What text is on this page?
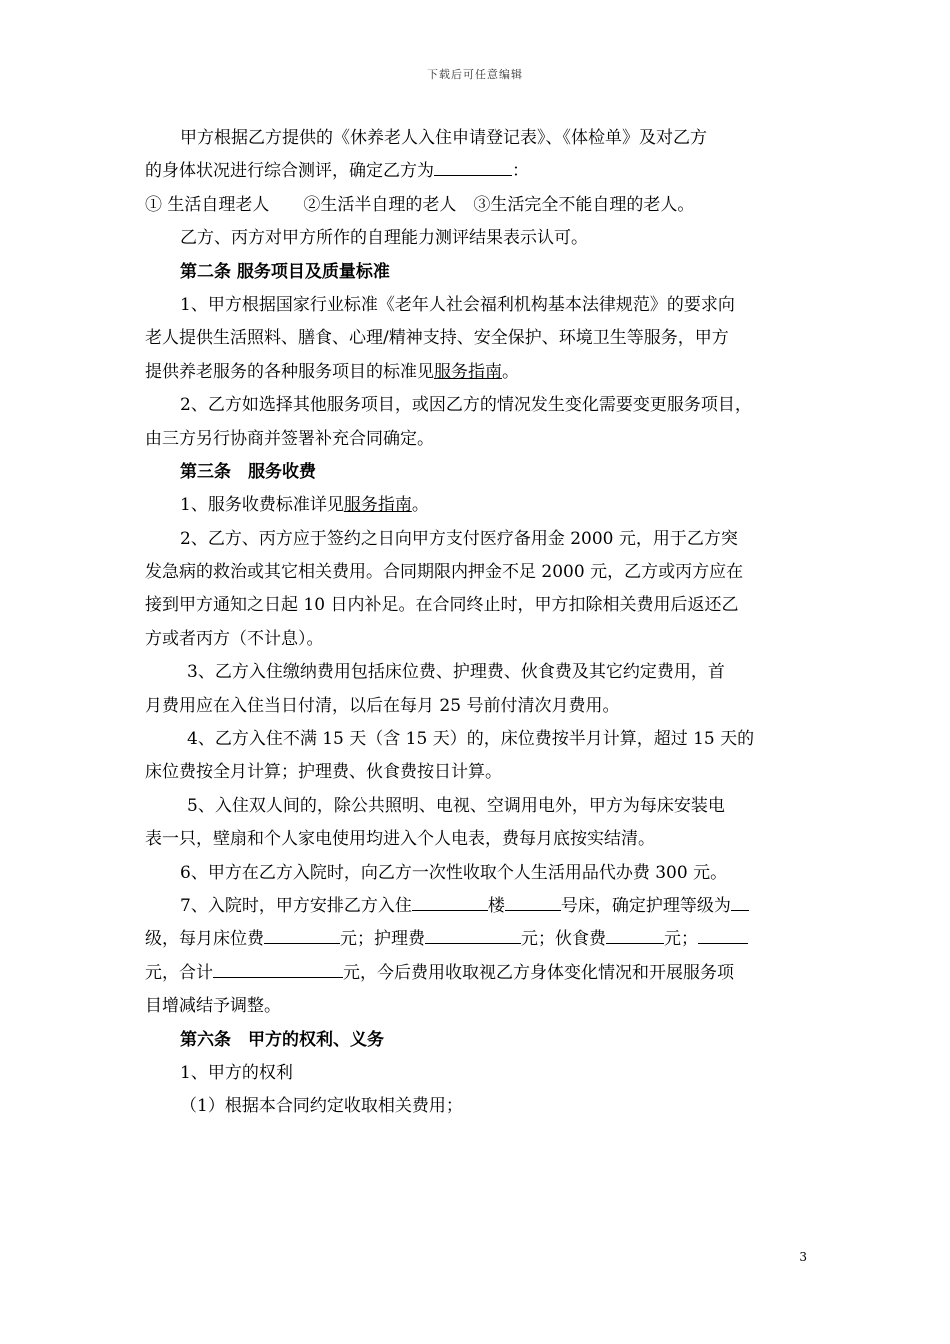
下载后可任意编辑
甲方根据乙方提供的《休养老人入住申请登记表》、《体检单》及对乙方
的身体状况进行综合测评，确定乙方为	：
① 生活自理老人　　②生活半自理的老人　③生活完全不能自理的老人。
乙方、丙方对甲方所作的自理能力测评结果表示认可。
第二条 服务项目及质量标准
1、甲方根据国家行业标准《老年人社会福利机构基本法律规范》的要求向
老人提供生活照料、膳食、心理/精神支持、安全保护、环境卫生等服务，甲方
提供养老服务的各种服务项目的标准见服务指南。
2、乙方如选择其他服务项目，或因乙方的情况发生变化需要变更服务项目，
由三方另行协商并签署补充合同确定。
第三条　服务收费
1、服务收费标准详见服务指南。
2、乙方、丙方应于签约之日向甲方支付医疗备用金 2000 元，用于乙方突
发急病的救治或其它相关费用。合同期限内押金不足 2000 元，乙方或丙方应在
接到甲方通知之日起 10 日内补足。在合同终止时，甲方扣除相关费用后返还乙
方或者丙方（不计息）。
3、乙方入住缴纳费用包括床位费、护理费、伙食费及其它约定费用，首
月费用应在入住当日付清，以后在每月 25 号前付清次月费用。
4、乙方入住不满 15 天（含 15 天）的，床位费按半月计算，超过 15 天的
床位费按全月计算；护理费、伙食费按日计算。
5、入住双人间的，除公共照明、电视、空调用电外，甲方为每床安装电
表一只，壁扇和个人家电使用均进入个人电表，费每月底按实结清。
6、甲方在乙方入院时，向乙方一次性收取个人生活用品代办费 300 元。
7、入院时，甲方安排乙方入住	楼	号床，确定护理等级为
级，每月床位费	元；护理费	元；伙食费	元；
元，合计	元，今后费用收取视乙方身体变化情况和开展服务项
目增减结予调整。
第六条　甲方的权利、义务
1、甲方的权利
（1）根据本合同约定收取相关费用；
3
